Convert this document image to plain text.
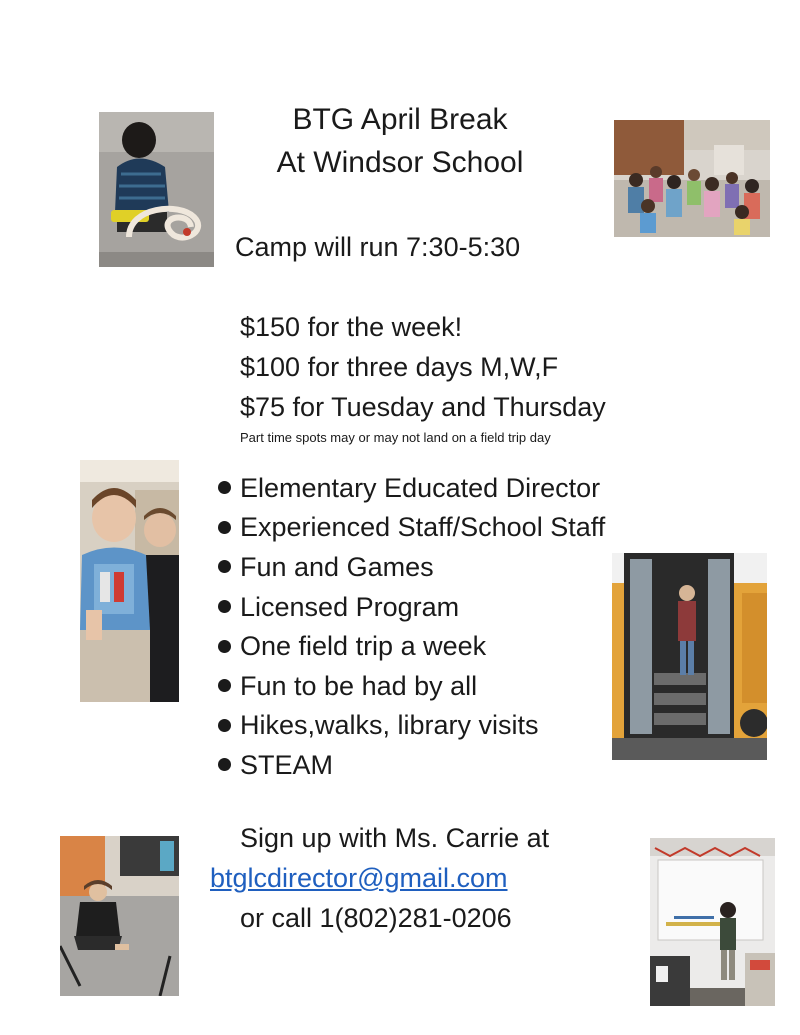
BTG April Break
At Windsor School
Camp will run 7:30-5:30
$150 for the week!
$100 for three days M,W,F
$75 for Tuesday and Thursday
Part time spots may or may not land on a field trip day
Elementary Educated Director
Experienced Staff/School Staff
Fun and Games
Licensed Program
One field trip a week
Fun to be had by all
Hikes,walks, library visits
STEAM
Sign up with Ms. Carrie at
btglcdirector@gmail.com
or call 1(802)281-0206
